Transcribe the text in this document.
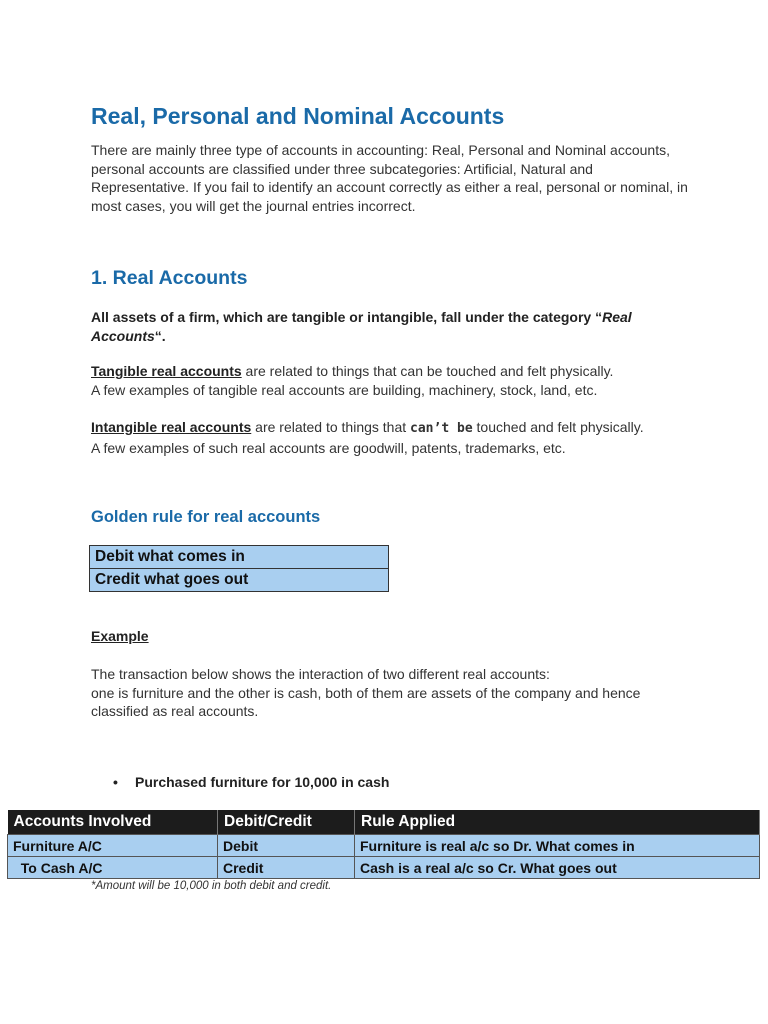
Real, Personal and Nominal Accounts

There are mainly three type of accounts in accounting: Real, Personal and Nominal accounts, personal accounts are classified under three subcategories: Artificial, Natural and Representative. If you fail to identify an account correctly as either a real, personal or nominal, in most cases, you will get the journal entries incorrect.

1. Real Accounts

All assets of a firm, which are tangible or intangible, fall under the category “Real Accounts“.

Tangible real accounts are related to things that can be touched and felt physically.
A few examples of tangible real accounts are building, machinery, stock, land, etc.

Intangible real accounts are related to things that can’t be touched and felt physically.
A few examples of such real accounts are goodwill, patents, trademarks, etc.

Golden rule for real accounts
Debit what comes in
Credit what goes out

Example

The transaction below shows the interaction of two different real accounts:
one is furniture and the other is cash, both of them are assets of the company and hence classified as real accounts.

• Purchased furniture for 10,000 in cash

Accounts Involved	Debit/Credit	Rule Applied
Furniture A/C	Debit	Furniture is real a/c so Dr. What comes in
To Cash A/C	Credit	Cash is a real a/c so Cr. What goes out

*Amount will be 10,000 in both debit and credit.
